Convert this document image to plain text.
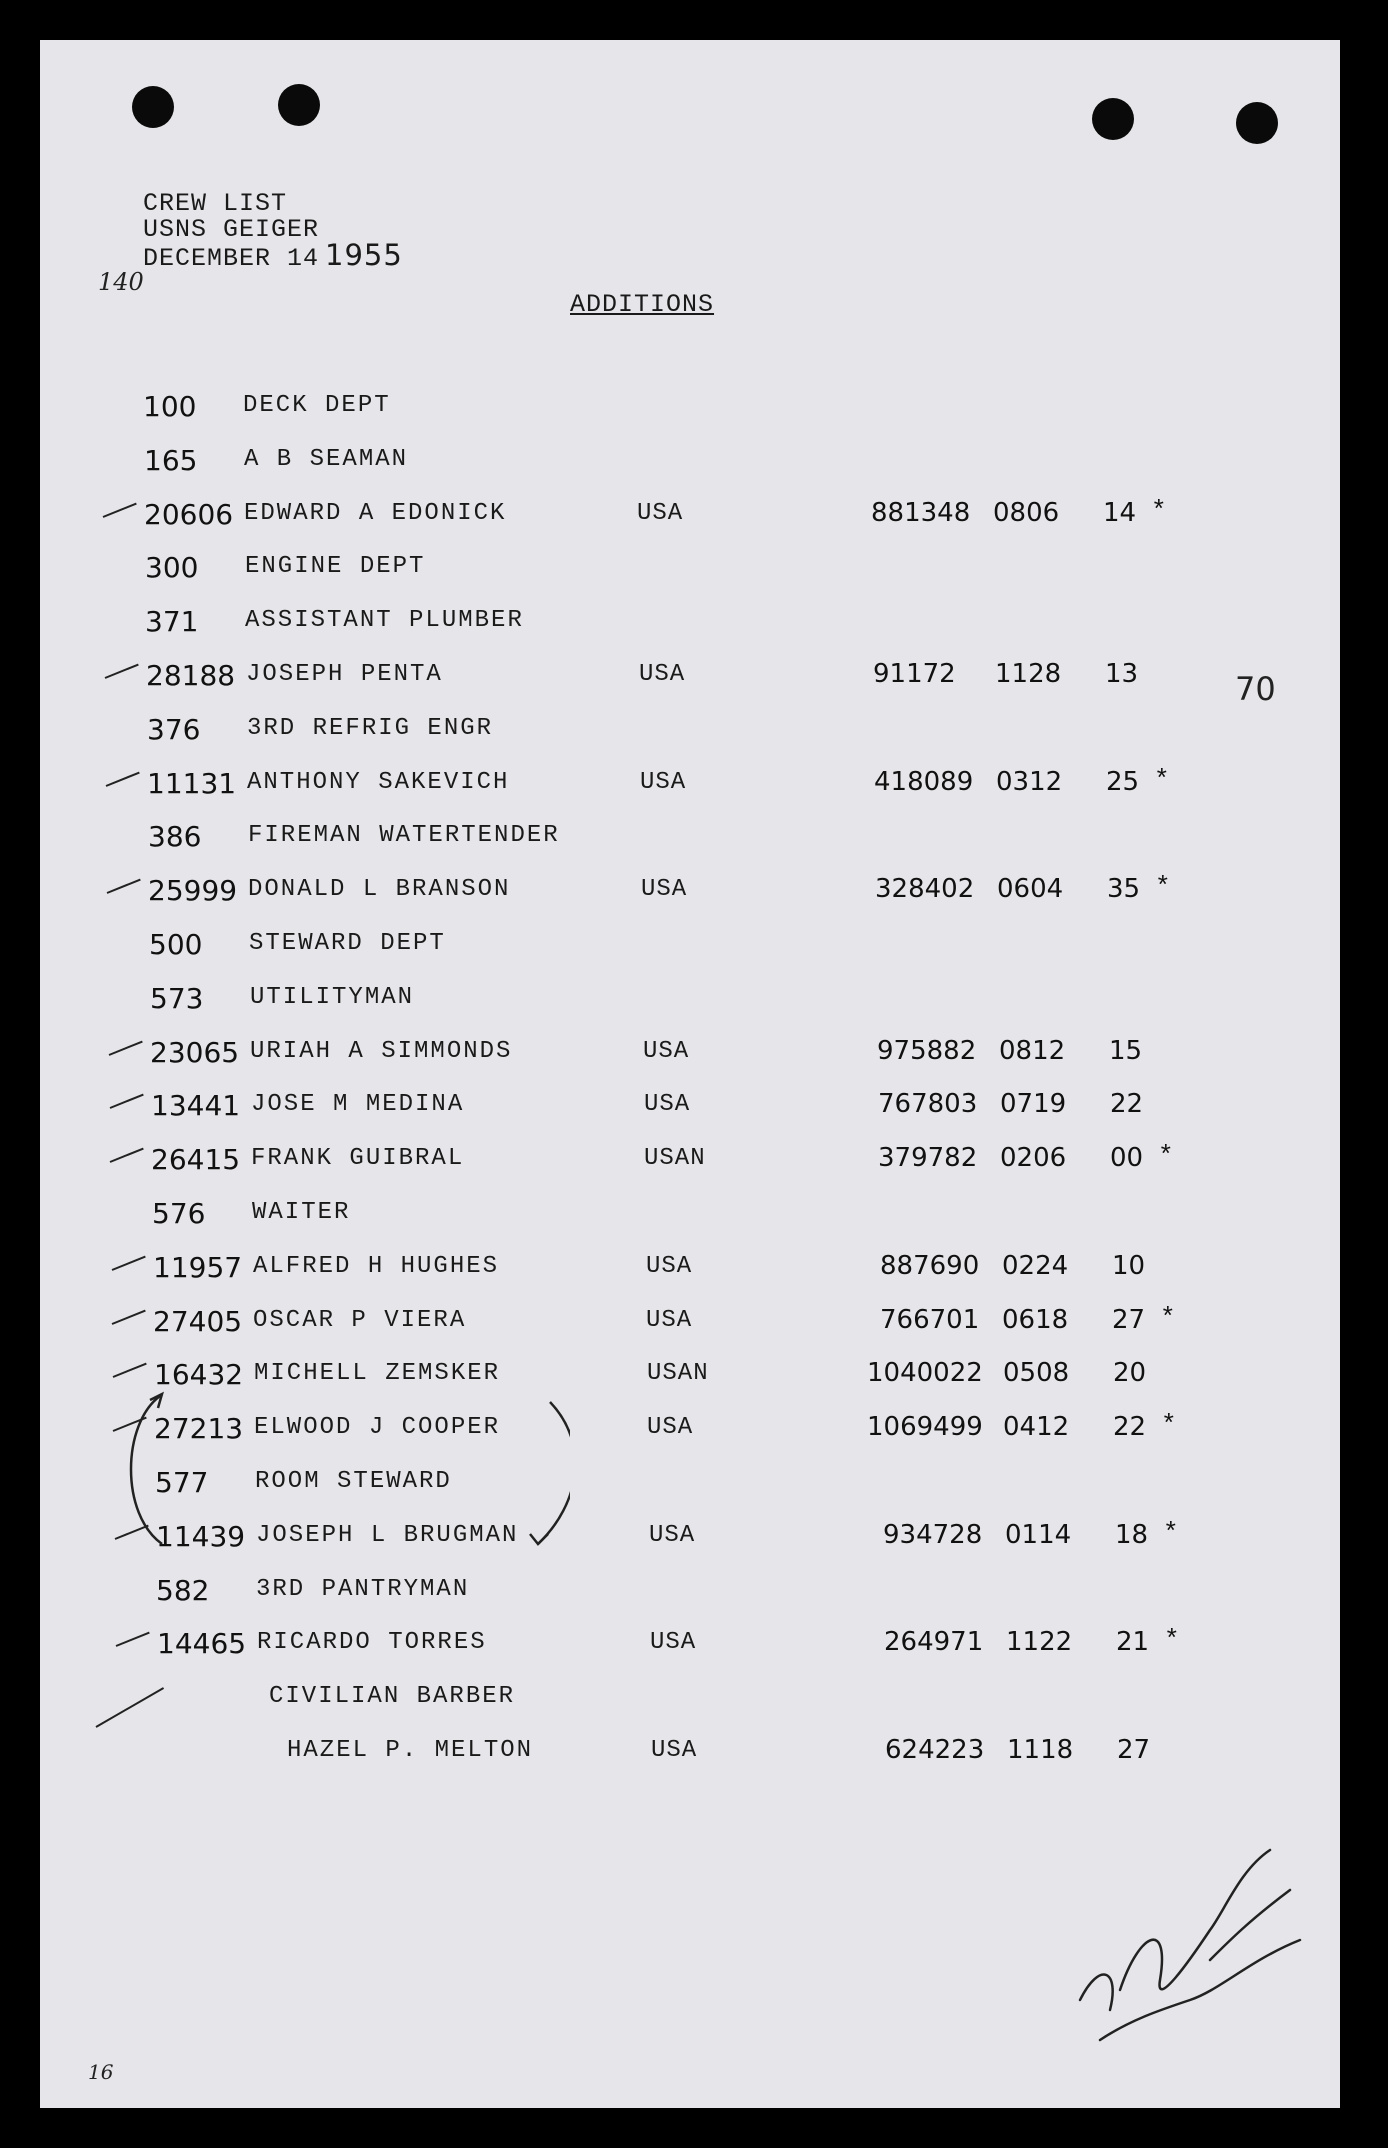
CREW LIST
USNS GEIGER
DECEMBER 14 1955
140
ADDITIONS
70
100 DECK DEPT
165 A B SEAMAN
20606 EDWARD A EDONICK	USA	881348 0806 14 *
300 ENGINE DEPT
371 ASSISTANT PLUMBER
28188 JOSEPH PENTA	USA	91172 1128 13
376 3RD REFRIG ENGR
11131 ANTHONY SAKEVICH	USA	418089 0312 25 *
386 FIREMAN WATERTENDER
25999 DONALD L BRANSON	USA	328402 0604 35 *
500 STEWARD DEPT
573 UTILITYMAN
23065 URIAH A SIMMONDS	USA	975882 0812 15
13441 JOSE M MEDINA	USA	767803 0719 22
26415 FRANK GUIBRAL	USAN	379782 0206 00 *
576 WAITER
11957 ALFRED H HUGHES	USA	887690 0224 10
27405 OSCAR P VIERA	USA	766701 0618 27 *
16432 MICHELL ZEMSKER	USAN	1040022 0508 20
27213 ELWOOD J COOPER	USA	1069499 0412 22 *
577 ROOM STEWARD
11439 JOSEPH L BRUGMAN	USA	934728 0114 18 *
582 3RD PANTRYMAN
14465 RICARDO TORRES	USA	264971 1122 21 *
CIVILIAN BARBER
HAZEL P. MELTON	USA	624223 1118 27
16
